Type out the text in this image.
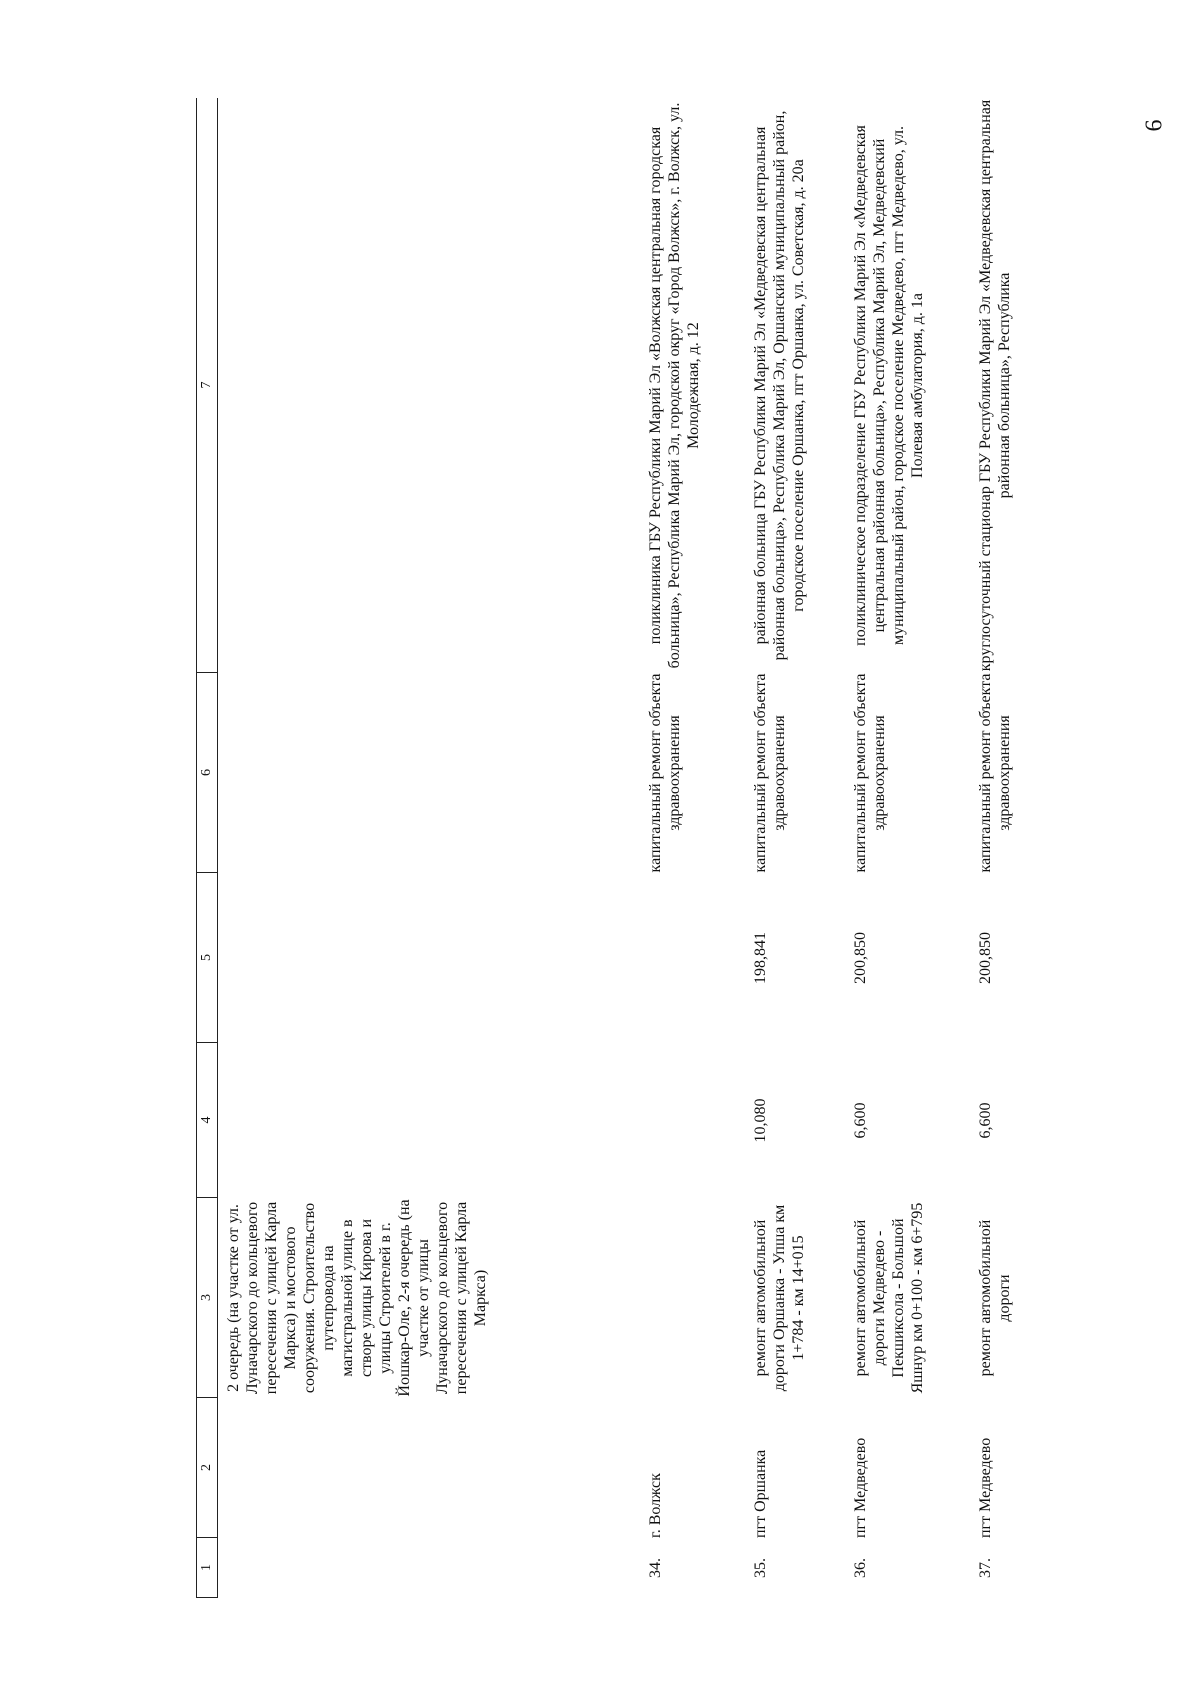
6
1
2
3
4
5
6
7
2 очередь (на участке от ул. Луначарского до кольцевого пересечения с улицей Карла Маркса) и мостового сооружения. Строительство путепровода на магистральной улице в створе улицы Кирова и улицы Строителей в г. Йошкар-Оле, 2-я очередь (на участке от улицы Луначарского до кольцевого пересечения с улицей Карла Маркса)
34.
г. Волжск
капитальный ремонт объекта здравоохранения
поликлиника ГБУ Республики Марий Эл «Волжская центральная городская больница», Республика Марий Эл, городской округ «Город Волжск», г. Волжск, ул. Молодежная, д. 12
35.
пгт Оршанка
ремонт автомобильной дороги Оршанка - Упша км 1+784 - км 14+015
10,080
198,841
капитальный ремонт объекта здравоохранения
районная больница ГБУ Республики Марий Эл «Медведевская центральная районная больница», Республика Марий Эл, Оршанский муниципальный район, городское поселение Оршанка, пгт Оршанка, ул. Советская, д. 20а
36.
пгт Медведево
ремонт автомобильной дороги Медведево - Пекшиксола - Большой Яшнур км 0+100 - км 6+795
6,600
200,850
капитальный ремонт объекта здравоохранения
поликлиническое подразделение ГБУ Республики Марий Эл «Медведевская центральная районная больница», Республика Марий Эл, Медведевский муниципальный район, городское поселение Медведево, пгт Медведево, ул. Полевая амбулатория, д. 1а
37.
пгт Медведево
ремонт автомобильной дороги
6,600
200,850
капитальный ремонт объекта здравоохранения
круглосуточный стационар ГБУ Республики Марий Эл «Медведевская центральная районная больница», Республика
